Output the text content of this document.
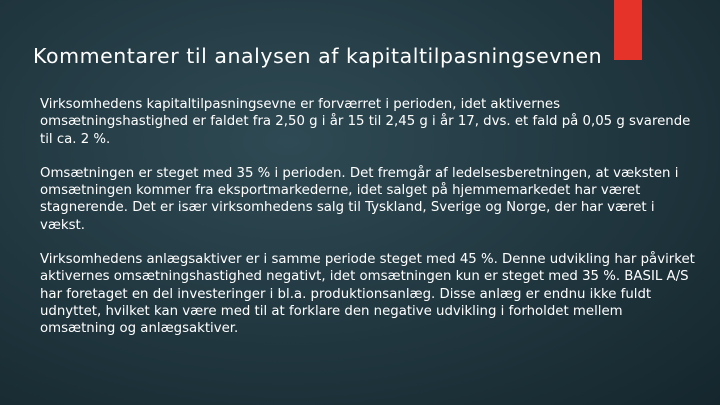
Kommentarer til analysen af kapitaltilpasningsevnen

Virksomhedens kapitaltilpasningsevne er forværret i perioden, idet aktivernes omsætningshastighed er faldet fra 2,50 g i år 15 til 2,45 g i år 17, dvs. et fald på 0,05 g svarende til ca. 2 %.

Omsætningen er steget med 35 % i perioden. Det fremgår af ledelsesberetningen, at væksten i omsætningen kommer fra eksportmarkederne, idet salget på hjemmemarkedet har været stagnerende. Det er især virksomhedens salg til Tyskland, Sverige og Norge, der har været i vækst.

Virksomhedens anlægsaktiver er i samme periode steget med 45 %. Denne udvikling har påvirket aktivernes omsætningshastighed negativt, idet omsætningen kun er steget med 35 %. BASIL A/S har foretaget en del investeringer i bl.a. produktionsanlæg. Disse anlæg er endnu ikke fuldt udnyttet, hvilket kan være med til at forklare den negative udvikling i forholdet mellem omsætning og anlægsaktiver.
